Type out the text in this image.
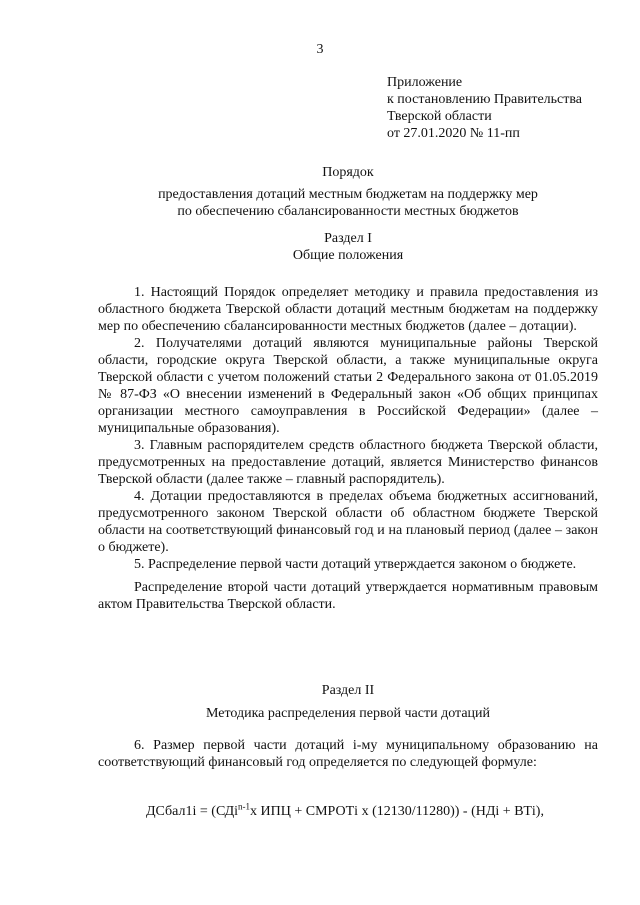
3
Приложение
к постановлению Правительства
Тверской области
от 27.01.2020 № 11-пп
Порядок
предоставления дотаций местным бюджетам на поддержку мер
по обеспечению сбалансированности местных бюджетов
Раздел I
Общие положения

1. Настоящий Порядок определяет методику и правила предоставления из областного бюджета Тверской области дотаций местным бюджетам на поддержку мер по обеспечению сбалансированности местных бюджетов (далее – дотации).

2. Получателями дотаций являются муниципальные районы Тверской области, городские округа Тверской области, а также муниципальные округа Тверской области с учетом положений статьи 2 Федерального закона от 01.05.2019 № 87-ФЗ «О внесении изменений в Федеральный закон «Об общих принципах организации местного самоуправления в Российской Федерации» (далее – муниципальные образования).

3. Главным распорядителем средств областного бюджета Тверской области, предусмотренных на предоставление дотаций, является Министерство финансов Тверской области (далее также – главный распорядитель).

4. Дотации предоставляются в пределах объема бюджетных ассигнований, предусмотренного законом Тверской области об областном бюджете Тверской области на соответствующий финансовый год и на плановый период (далее – закон о бюджете).

5. Распределение первой части дотаций утверждается законом о бюджете.

Распределение второй части дотаций утверждается нормативным правовым актом Правительства Тверской области.

Раздел II
Методика распределения первой части дотаций

6. Размер первой части дотаций i-му муниципальному образованию на соответствующий финансовый год определяется по следующей формуле:

ДСбал1i = (СДi$^{n-1}$x ИПЦ + СМРОТi x (12130/11280)) - (НДi + ВТi),
